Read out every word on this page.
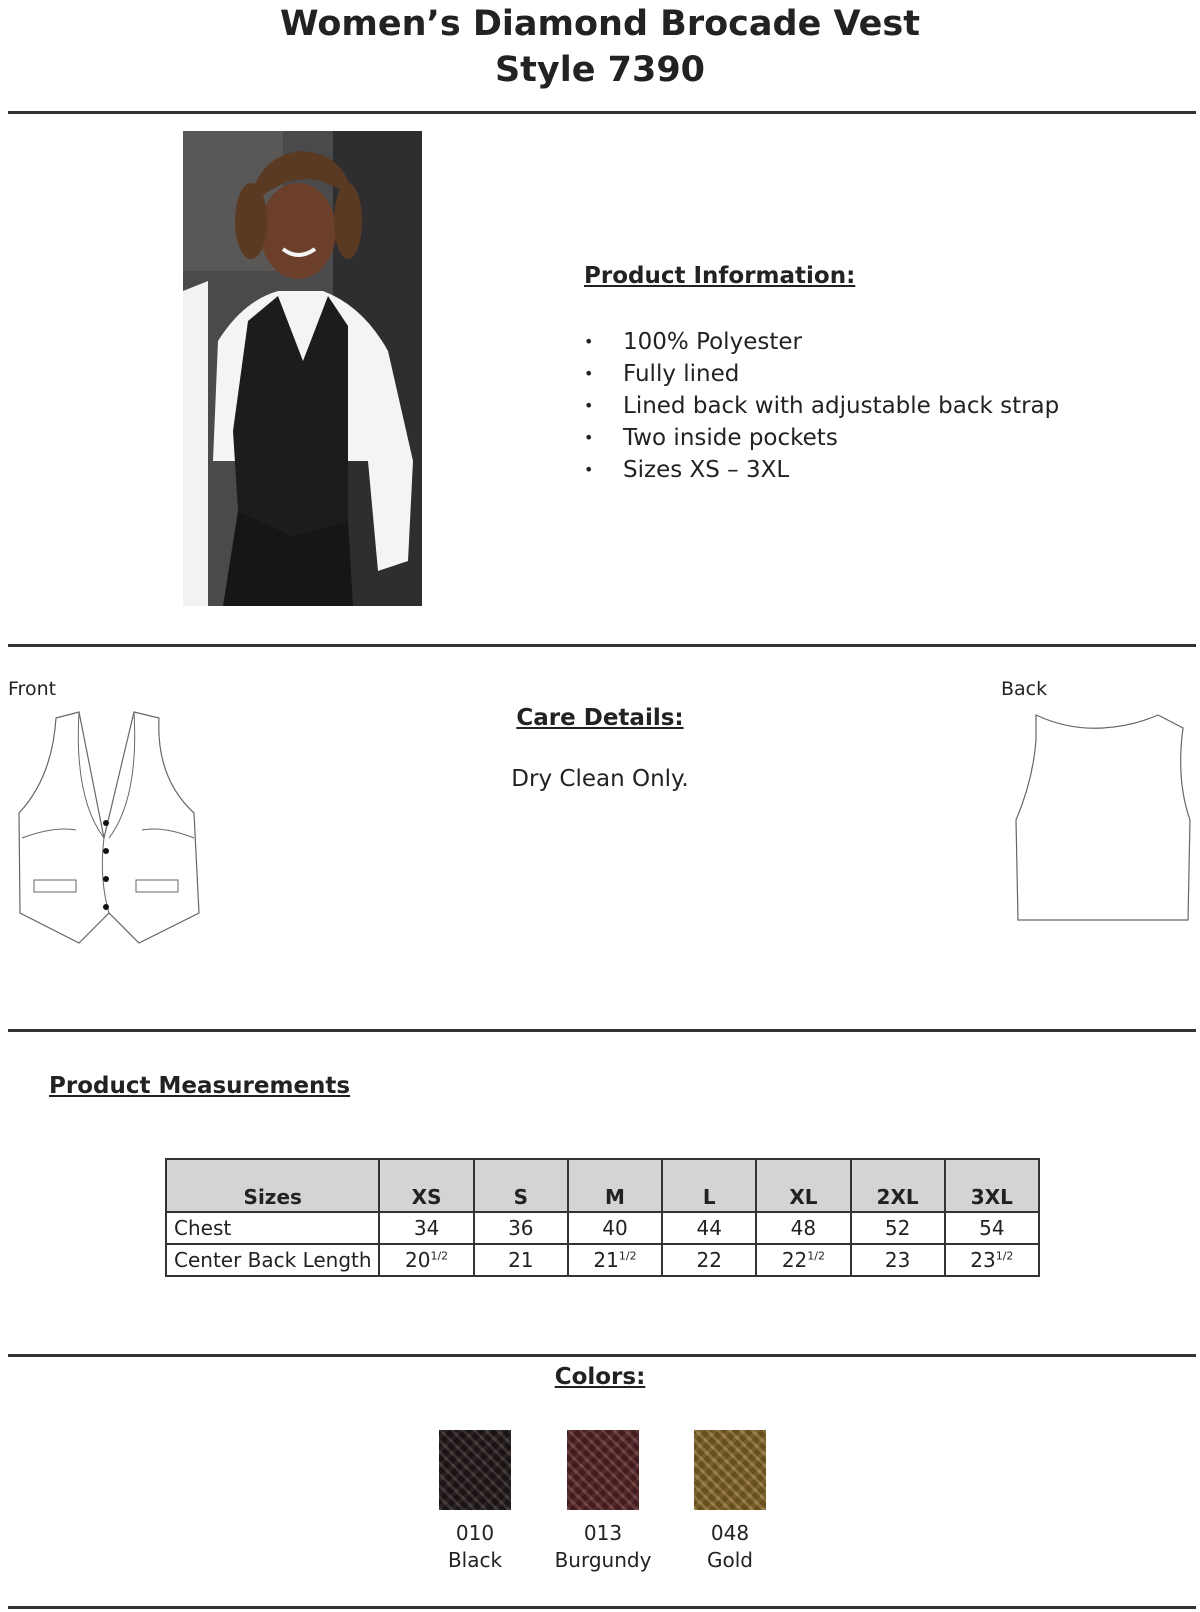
Women’s Diamond Brocade Vest
Style 7390
Product Information:
• 100% Polyester
• Fully lined
• Lined back with adjustable back strap
• Two inside pockets
• Sizes XS – 3XL
Front	Back
Care Details:
Dry Clean Only.
Product Measurements
Sizes	XS	S	M	L	XL	2XL	3XL
Chest	34	36	40	44	48	52	54
Center Back Length	$20^{1/2}$	21	$21^{1/2}$	22	$22^{1/2}$	23	$23^{1/2}$
Colors:
010
Black
013
Burgundy
048
Gold
